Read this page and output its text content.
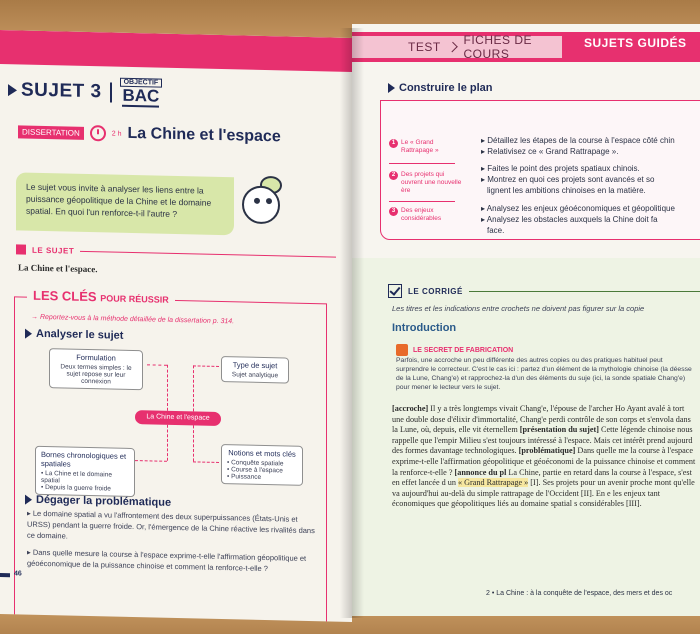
SUJET 3	OBJECTIF
BAC
DISSERTATION	2 h La Chine et l'espace
Le sujet vous invite à analyser les liens entre la puissance géopolitique de la Chine et le domaine spatial. En quoi l'un renforce-t-il l'autre ?
LE SUJET
La Chine et l'espace.
LES CLÉS POUR RÉUSSIR
→ Reportez-vous à la méthode détaillée de la dissertation p. 314.
Analyser le sujet
Formulation
Deux termes simples : le sujet repose sur leur connexion
Type de sujet
Sujet analytique
La Chine et l'espace
Bornes chronologiques et spatiales
• La Chine et le domaine spatial
• Depuis la guerre froide
Notions et mots clés
• Conquête spatiale
• Course à l'espace
• Puissance
Dégager la problématique

▸ Le domaine spatial a vu l'affrontement des deux superpuissances (États-Unis et URSS) pendant la guerre froide. Or, l'émergence de la Chine réactive les rivalités dans ce domaine.

▸ Dans quelle mesure la course à l'espace exprime-t-elle l'affirmation géopolitique et géoéconomique de la puissance chinoise et comment la renforce-t-elle ?

46
TEST FICHES DE COURS
SUJETS GUIDÉS
Construire le plan
1 Le « Grand Rattrapage »
▸ Détaillez les étapes de la course à l'espace côté chin
▸ Relativisez ce « Grand Rattrapage ».
2 Des projets qui ouvrent une nouvelle ère
▸ Faites le point des projets spatiaux chinois.
▸ Montrez en quoi ces projets sont avancés et so
lignent les ambitions chinoises en la matière.
3 Des enjeux considérables
▸ Analysez les enjeux géoéconomiques et géopolitique
▸ Analysez les obstacles auxquels la Chine doit fa
face.
LE CORRIGÉ
Les titres et les indications entre crochets ne doivent pas figurer sur la copie
Introduction
LE SECRET DE FABRICATION
Parfois, une accroche un peu différente des autres copies ou des pratiques habituel peut surprendre le correcteur. C'est le cas ici : partez d'un élément de la mythologie chinoise (la déesse de la Lune, Chang'e) et rapprochez-la d'un des éléments du suje (ici, la sonde spatiale Chang'e) pour mener le lecteur vers le sujet.
[accroche] Il y a très longtemps vivait Chang'e, l'épouse de l'archer Ho Ayant avalé à tort une double dose d'élixir d'immortalité, Chang'e perdi contrôle de son corps et s'envola dans la Lune, où, depuis, elle vit éternellem [présentation du sujet] Cette légende chinoise nous rappelle que l'empir Milieu s'est toujours intéressé à l'espace. Mais cet intérêt prend aujourd des formes davantage technologiques. [problématique] Dans quelle me la course à l'espace exprime-t-elle l'affirmation géopolitique et géoéconomi de la puissance chinoise et comment la renforce-t-elle ? [annonce du pl La Chine, partie en retard dans la course à l'espace, s'est en effet lancée d un « Grand Rattrapage » [I]. Ses projets pour un avenir proche mont qu'elle va aujourd'hui au-delà du simple rattrapage de l'Occident [II]. En e les enjeux tant économiques que géopolitiques liés au domaine spatial s considérables [III].
2 • La Chine : à la conquête de l'espace, des mers et des oc
